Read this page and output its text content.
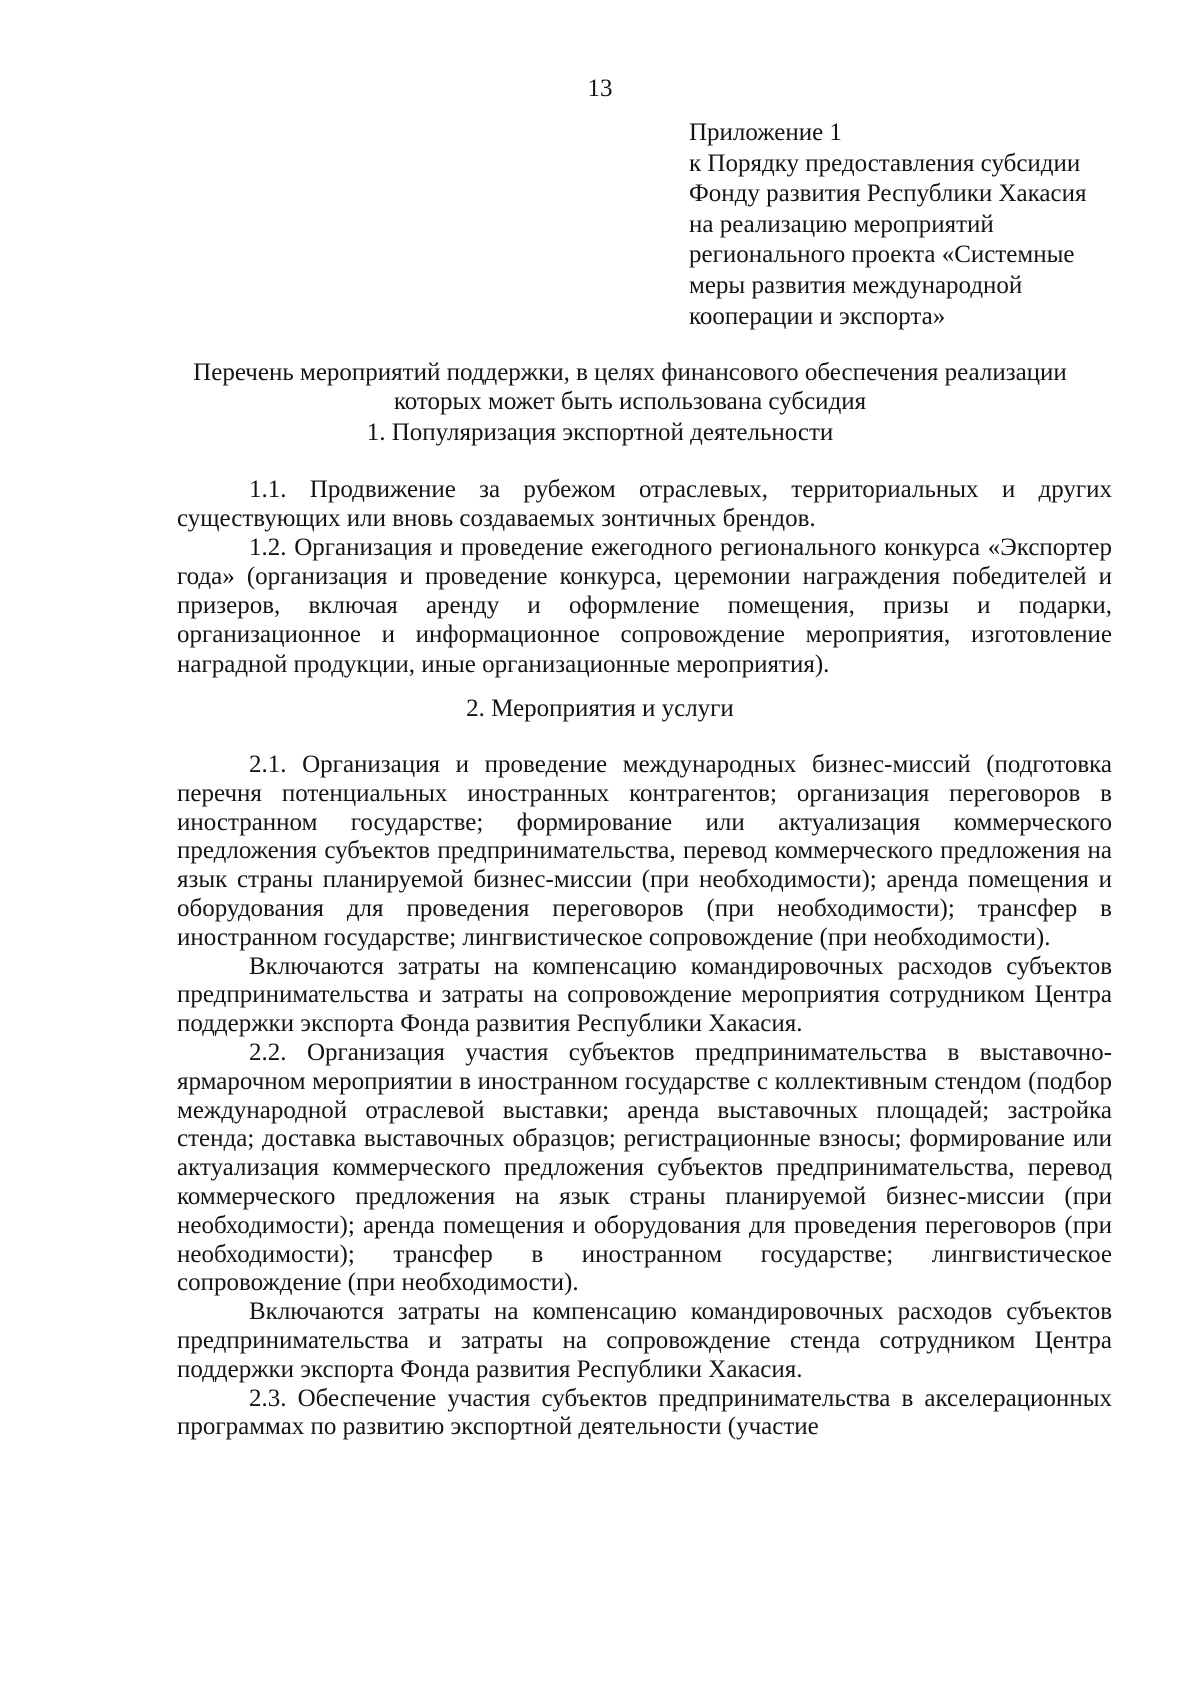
13
Приложение 1
к Порядку предоставления субсидии
Фонду развития Республики Хакасия
на реализацию мероприятий
регионального проекта «Системные
меры развития международной
кооперации и экспорта»
Перечень мероприятий поддержки, в целях финансового обеспечения реализации
которых может быть использована субсидия
1. Популяризация экспортной деятельности

1.1. Продвижение за рубежом отраслевых, территориальных и других существующих или вновь создаваемых зонтичных брендов.

1.2. Организация и проведение ежегодного регионального конкурса «Экспортер года» (организация и проведение конкурса, церемонии награждения победителей и призеров, включая аренду и оформление помещения, призы и подарки, организационное и информационное сопровождение мероприятия, изготовление наградной продукции, иные организационные мероприятия).

2. Мероприятия и услуги

2.1. Организация и проведение международных бизнес-миссий (подготовка перечня потенциальных иностранных контрагентов; организация переговоров в иностранном государстве; формирование или актуализация коммерческого предложения субъектов предпринимательства, перевод коммерческого предложения на язык страны планируемой бизнес-миссии (при необходимости); аренда помещения и оборудования для проведения переговоров (при необходимости); трансфер в иностранном государстве; лингвистическое сопровождение (при необходимости).

Включаются затраты на компенсацию командировочных расходов субъектов предпринимательства и затраты на сопровождение мероприятия сотрудником Центра поддержки экспорта Фонда развития Республики Хакасия.

2.2. Организация участия субъектов предпринимательства в выставочно-ярмарочном мероприятии в иностранном государстве с коллективным стендом (подбор международной отраслевой выставки; аренда выставочных площадей; застройка стенда; доставка выставочных образцов; регистрационные взносы; формирование или актуализация коммерческого предложения субъектов предпринимательства, перевод коммерческого предложения на язык страны планируемой бизнес-миссии (при необходимости); аренда помещения и оборудования для проведения переговоров (при необходимости); трансфер в иностранном государстве; лингвистическое сопровождение (при необходимости).

Включаются затраты на компенсацию командировочных расходов субъектов предпринимательства и затраты на сопровождение стенда сотрудником Центра поддержки экспорта Фонда развития Республики Хакасия.

2.3. Обеспечение участия субъектов предпринимательства в акселерационных программах по развитию экспортной деятельности (участие
